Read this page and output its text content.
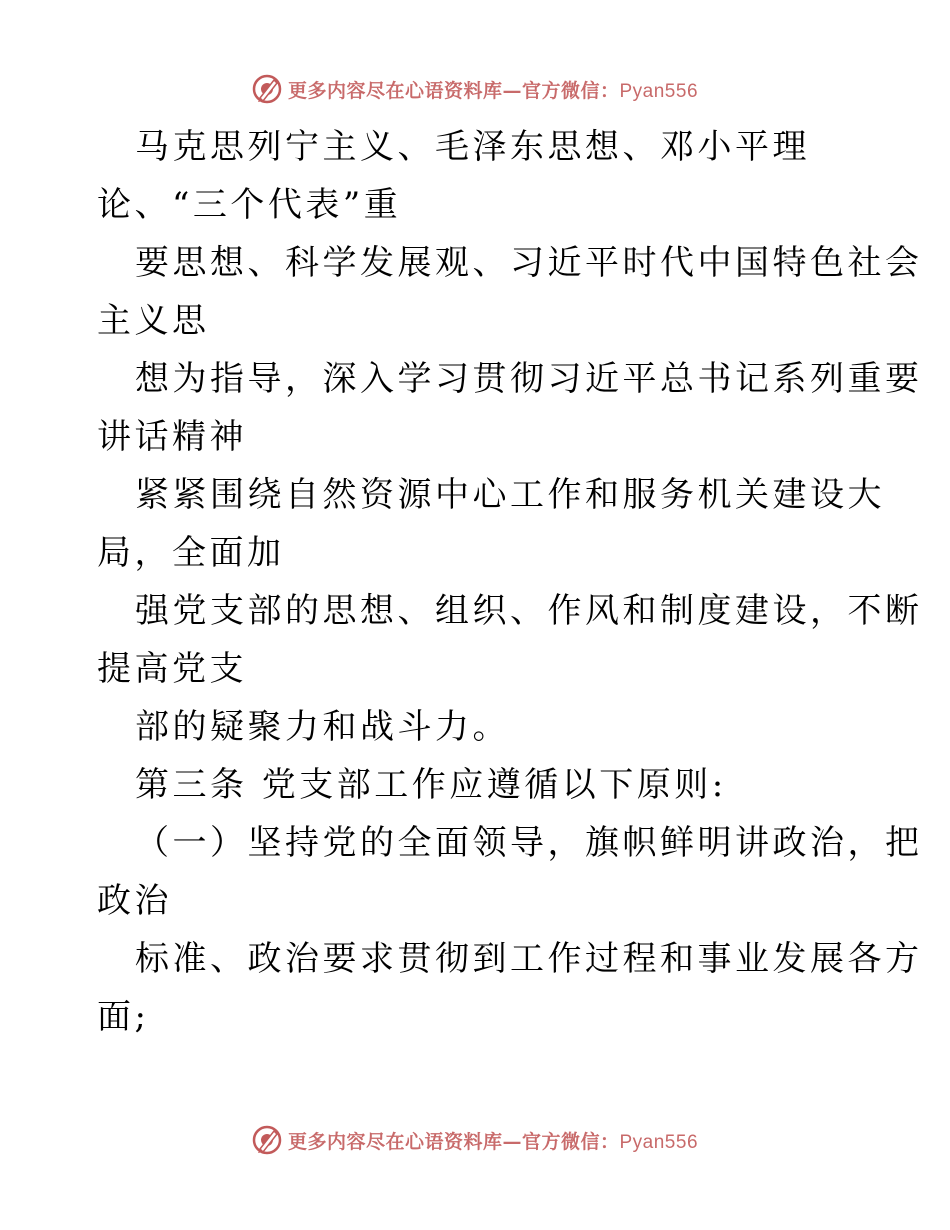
更多内容尽在心语资料库—官方微信：Pyan556
马克思列宁主义、毛泽东思想、邓小平理
论、“三个代表”重
要思想、科学发展观、习近平时代中国特色社会
主义思
想为指导，深入学习贯彻习近平总书记系列重要
讲话精神
紧紧围绕自然资源中心工作和服务机关建设大
局，全面加
强党支部的思想、组织、作风和制度建设，不断
提高党支
部的疑聚力和战斗力。
第三条 党支部工作应遵循以下原则:
（一）坚持党的全面领导，旗帜鲜明讲政治，把
政治
标准、政治要求贯彻到工作过程和事业发展各方
面;
更多内容尽在心语资料库—官方微信：Pyan556
